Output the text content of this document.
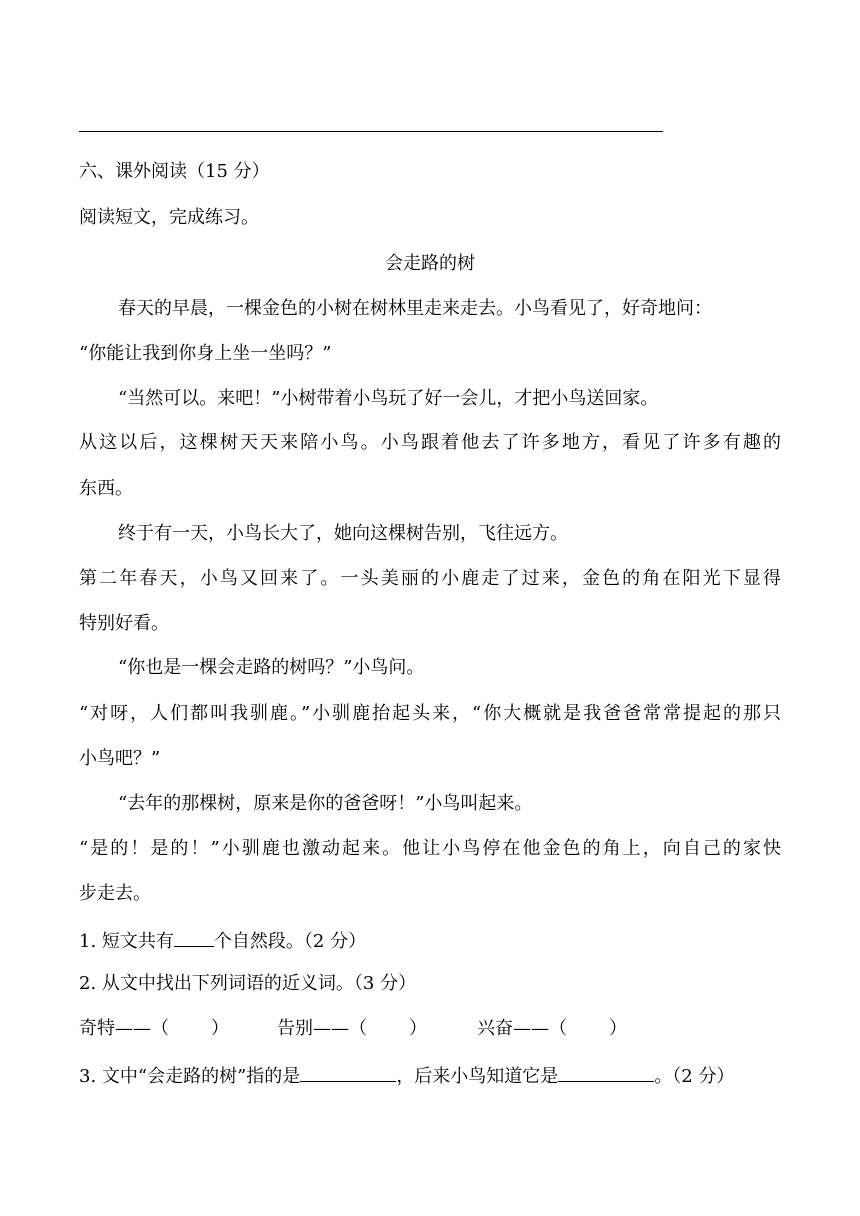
六、课外阅读（15 分）
阅读短文，完成练习。
会走路的树
春天的早晨，一棵金色的小树在树林里走来走去。小鸟看见了，好奇地问：
“你能让我到你身上坐一坐吗？”
“当然可以。来吧！”小树带着小鸟玩了好一会儿，才把小鸟送回家。
从这以后，这棵树天天来陪小鸟。小鸟跟着他去了许多地方，看见了许多有趣的
东西。
终于有一天，小鸟长大了，她向这棵树告别，飞往远方。
第二年春天，小鸟又回来了。一头美丽的小鹿走了过来，金色的角在阳光下显得
特别好看。
“你也是一棵会走路的树吗？”小鸟问。
“对呀，人们都叫我驯鹿。”小驯鹿抬起头来，“你大概就是我爸爸常常提起的那只
小鸟吧？”
“去年的那棵树，原来是你的爸爸呀！”小鸟叫起来。
“是的！是的！”小驯鹿也激动起来。他让小鸟停在他金色的角上，向自己的家快
步走去。
1. 短文共有 个自然段。（2 分）
2. 从文中找出下列词语的近义词。（3 分）
奇特——（ ）	告别——（ ）	兴奋——（ ）
3. 文中“会走路的树”指的是	，后来小鸟知道它是	。（2 分）
